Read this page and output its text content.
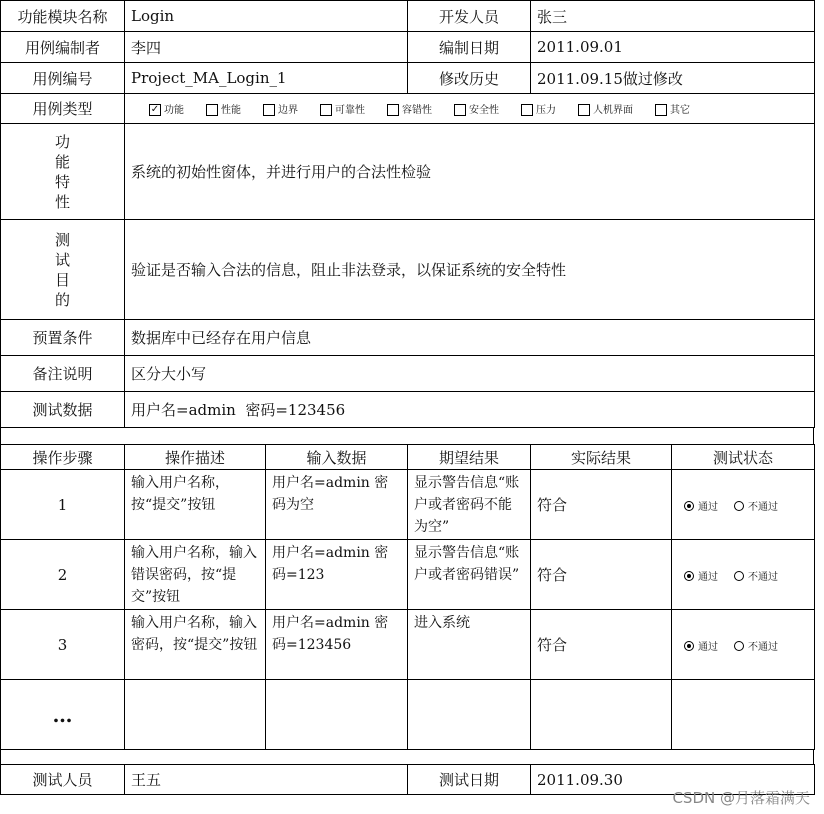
功能模块名称	Login	开发人员	张三
用例编制者	李四	编制日期	2011.09.01
用例编号	Project_MA_Login_1	修改历史	2011.09.15做过修改
用例类型	✓ 功能 性能 边界 可靠性 容错性 安全性 压力 人机界面 其它		

功
能
特
性	系统的初始性窗体，并进行用户的合法性检验		

测
试
目
的	验证是否输入合法的信息，阻止非法登录，以保证系统的安全特性		
预置条件	数据库中已经存在用户信息		
备注说明	区分大小写		
测试数据	用户名=admin  密码=123456		
操作步骤	操作描述	输入数据	期望结果	实际结果	测试状态
1	输入用户名称，按“提交”按钮	用户名=admin 密码为空	显示警告信息“账户或者密码不能为空”	符合	通过 不通过
2	输入用户名称，输入错误密码，按“提交”按钮	用户名=admin 密码=123	显示警告信息“账户或者密码错误”	符合	通过 不通过
3	输入用户名称，输入密码，按“提交”按钮	用户名=admin 密码=123456	进入系统	符合	通过 不通过
…					
测试人员	王五	测试日期	2011.09.30
CSDN @月落霜满天
